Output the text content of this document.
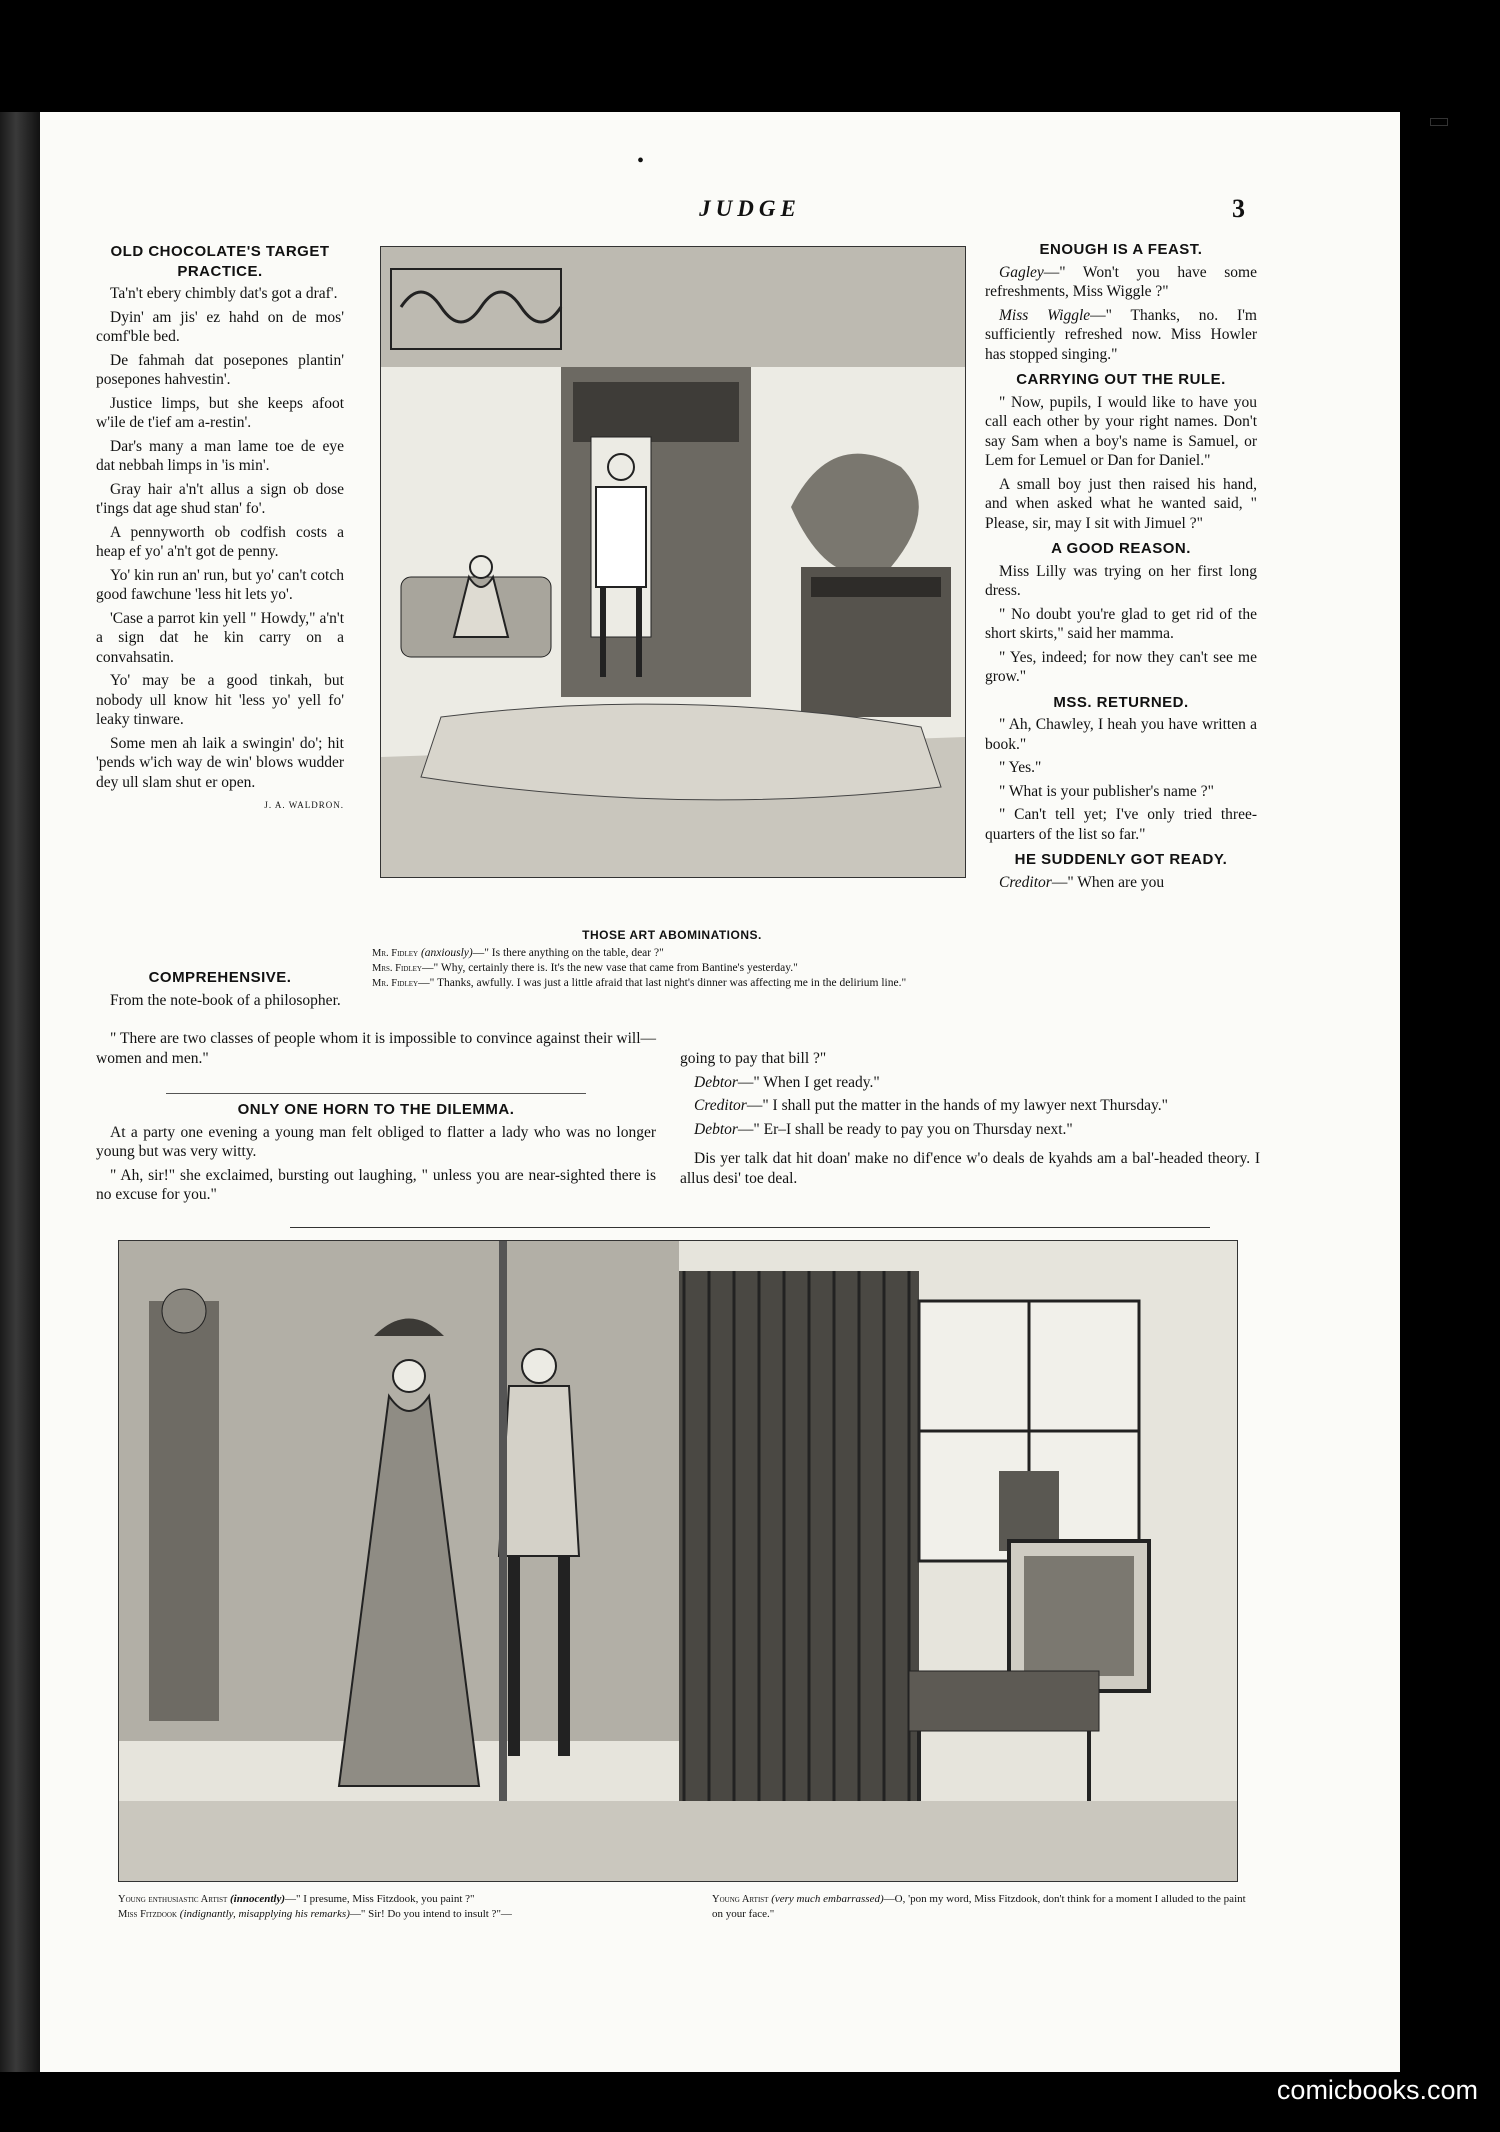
•
JUDGE	3
OLD CHOCOLATE'S TARGET PRACTICE.

Ta'n't ebery chimbly dat's got a draf'.

Dyin' am jis' ez hahd on de mos' comf'ble bed.

De fahmah dat posepones plantin' posepones hahvestin'.

Justice limps, but she keeps afoot w'ile de t'ief am a-restin'.

Dar's many a man lame toe de eye dat nebbah limps in 'is min'.

Gray hair a'n't allus a sign ob dose t'ings dat age shud stan' fo'.

A pennyworth ob codfish costs a heap ef yo' a'n't got de penny.

Yo' kin run an' run, but yo' can't cotch good fawchune 'less hit lets yo'.

'Case a parrot kin yell " Howdy," a'n't a sign dat he kin carry on a convahsatin.

Yo' may be a good tinkah, but nobody ull know hit 'less yo' yell fo' leaky tinware.

Some men ah laik a swingin' do'; hit 'pends w'ich way de win' blows wudder dey ull slam shut er open.

J. A. WALDRON.
THOSE ART ABOMINATIONS.

Mr. Fidley (anxiously)—" Is there anything on the table, dear ?"

Mrs. Fidley—" Why, certainly there is. It's the new vase that came from Bantine's yesterday."

Mr. Fidley—" Thanks, awfully. I was just a little afraid that last night's dinner was affecting me in the delirium line."

COMPREHENSIVE.

From the note-book of a philosopher.

" There are two classes of people whom it is impossible to convince against their will—women and men."

ONLY ONE HORN TO THE DILEMMA.

At a party one evening a young man felt obliged to flatter a lady who was no longer young but was very witty.

" Ah, sir!" she exclaimed, bursting out laughing, " unless you are near-sighted there is no excuse for you."

ENOUGH IS A FEAST.

Gagley—" Won't you have some refreshments, Miss Wiggle ?"

Miss Wiggle—" Thanks, no. I'm sufficiently refreshed now. Miss Howler has stopped singing."

CARRYING OUT THE RULE.

" Now, pupils, I would like to have you call each other by your right names. Don't say Sam when a boy's name is Samuel, or Lem for Lemuel or Dan for Daniel."

A small boy just then raised his hand, and when asked what he wanted said, " Please, sir, may I sit with Jimuel ?"

A GOOD REASON.

Miss Lilly was trying on her first long dress.

" No doubt you're glad to get rid of the short skirts," said her mamma.

" Yes, indeed; for now they can't see me grow."

MSS. RETURNED.

" Ah, Chawley, I heah you have written a book."

" Yes."

" What is your publisher's name ?"

" Can't tell yet; I've only tried three-quarters of the list so far."

HE SUDDENLY GOT READY.

Creditor—" When are you

going to pay that bill ?"

Debtor—" When I get ready."

Creditor—" I shall put the matter in the hands of my lawyer next Thursday."

Debtor—" Er–I shall be ready to pay you on Thursday next."

Dis yer talk dat hit doan' make no dif'ence w'o deals de kyahds am a bal'-headed theory. I allus desi' toe deal.

Young enthusiastic Artist (innocently)—" I presume, Miss Fitzdook, you paint ?"

Miss Fitzdook (indignantly, misapplying his remarks)—" Sir! Do you intend to insult ?"—

Young Artist (very much embarrassed)—O, 'pon my word, Miss Fitzdook, don't think for a moment I alluded to the paint on your face."

comicbooks.com
